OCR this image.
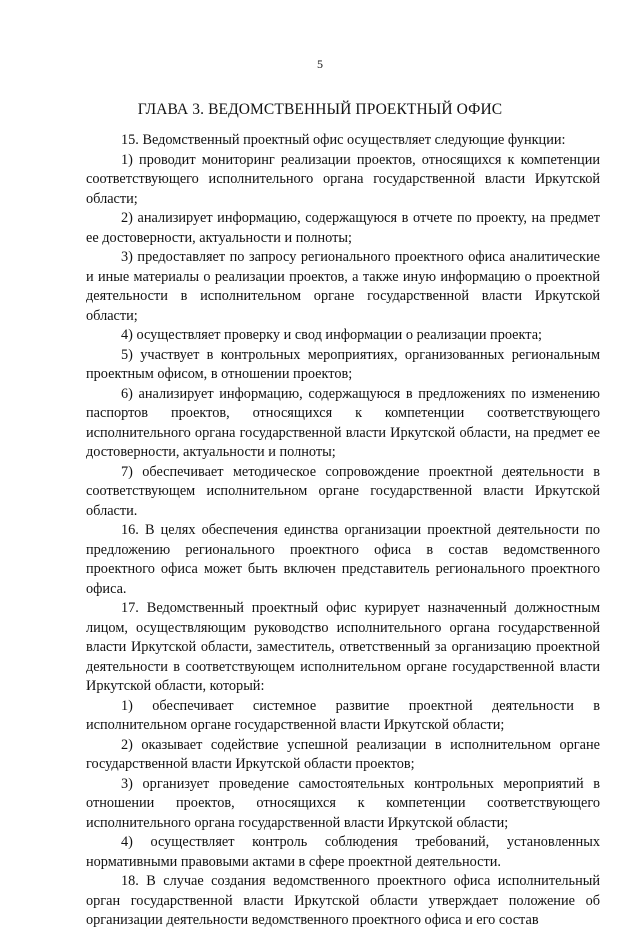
5
ГЛАВА 3. ВЕДОМСТВЕННЫЙ ПРОЕКТНЫЙ ОФИС

15. Ведомственный проектный офис осуществляет следующие функции:

1) проводит мониторинг реализации проектов, относящихся к компетенции соответствующего исполнительного органа государственной власти Иркутской области;

2) анализирует информацию, содержащуюся в отчете по проекту, на предмет ее достоверности, актуальности и полноты;

3) предоставляет по запросу регионального проектного офиса аналитические и иные материалы о реализации проектов, а также иную информацию о проектной деятельности в исполнительном органе государственной власти Иркутской области;

4) осуществляет проверку и свод информации о реализации проекта;

5) участвует в контрольных мероприятиях, организованных региональным проектным офисом, в отношении проектов;

6) анализирует информацию, содержащуюся в предложениях по изменению паспортов проектов, относящихся к компетенции соответствующего исполнительного органа государственной власти Иркутской области, на предмет ее достоверности, актуальности и полноты;

7) обеспечивает методическое сопровождение проектной деятельности в соответствующем исполнительном органе государственной власти Иркутской области.

16. В целях обеспечения единства организации проектной деятельности по предложению регионального проектного офиса в состав ведомственного проектного офиса может быть включен представитель регионального проектного офиса.

17. Ведомственный проектный офис курирует назначенный должностным лицом, осуществляющим руководство исполнительного органа государственной власти Иркутской области, заместитель, ответственный за организацию проектной деятельности в соответствующем исполнительном органе государственной власти Иркутской области, который:

1) обеспечивает системное развитие проектной деятельности в исполнительном органе государственной власти Иркутской области;

2) оказывает содействие успешной реализации в исполнительном органе государственной власти Иркутской области проектов;

3) организует проведение самостоятельных контрольных мероприятий в отношении проектов, относящихся к компетенции соответствующего исполнительного органа государственной власти Иркутской области;

4) осуществляет контроль соблюдения требований, установленных нормативными правовыми актами в сфере проектной деятельности.

18. В случае создания ведомственного проектного офиса исполнительный орган государственной власти Иркутской области утверждает положение об организации деятельности ведомственного проектного офиса и его состав
